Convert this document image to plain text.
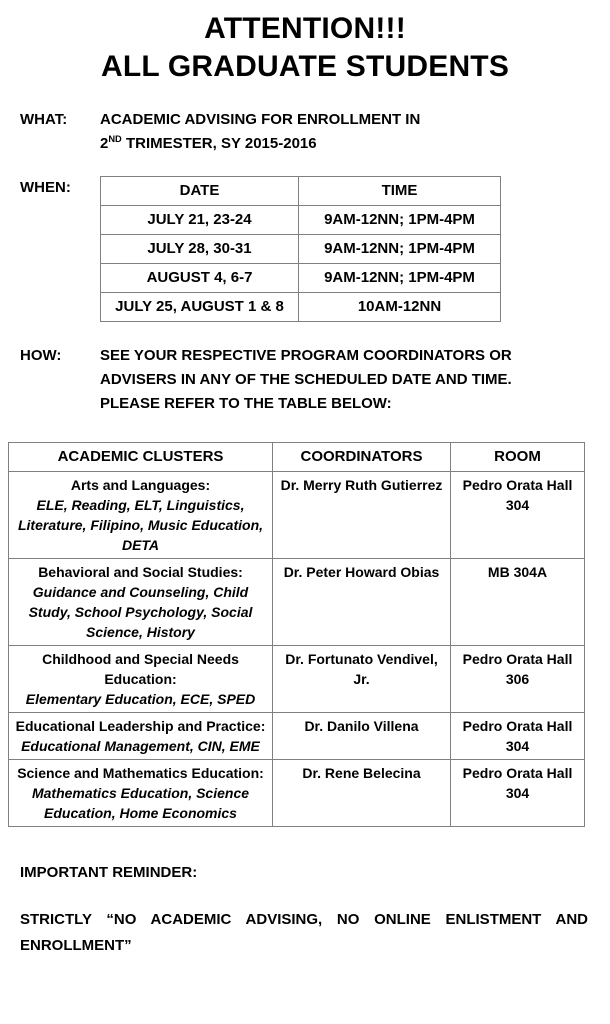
ATTENTION!!!
ALL GRADUATE STUDENTS
WHAT:	ACADEMIC ADVISING FOR ENROLLMENT IN
2ND TRIMESTER, SY 2015-2016
WHEN:	DATE	TIME
JULY 21, 23-24	9AM-12NN; 1PM-4PM
JULY 28, 30-31	9AM-12NN; 1PM-4PM
AUGUST 4, 6-7	9AM-12NN; 1PM-4PM
JULY 25, AUGUST 1 & 8	10AM-12NN
HOW:	SEE YOUR RESPECTIVE PROGRAM COORDINATORS OR
ADVISERS IN ANY OF THE SCHEDULED DATE AND TIME.
PLEASE REFER TO THE TABLE BELOW:
ACADEMIC CLUSTERS	COORDINATORS	ROOM
Arts and Languages:
ELE, Reading, ELT, Linguistics, Literature, Filipino, Music Education, DETA	Dr. Merry Ruth Gutierrez	Pedro Orata Hall 304
Behavioral and Social Studies:
Guidance and Counseling, Child Study, School Psychology, Social Science, History	Dr. Peter Howard Obias	MB 304A
Childhood and Special Needs Education:
Elementary Education, ECE, SPED	Dr. Fortunato Vendivel, Jr.	Pedro Orata Hall 306
Educational Leadership and Practice:
Educational Management, CIN, EME	Dr. Danilo Villena	Pedro Orata Hall 304
Science and Mathematics Education: Mathematics Education, Science Education, Home Economics	Dr. Rene Belecina	Pedro Orata Hall 304
IMPORTANT REMINDER:
STRICTLY “NO ACADEMIC ADVISING, NO ONLINE ENLISTMENT AND ENROLLMENT”
